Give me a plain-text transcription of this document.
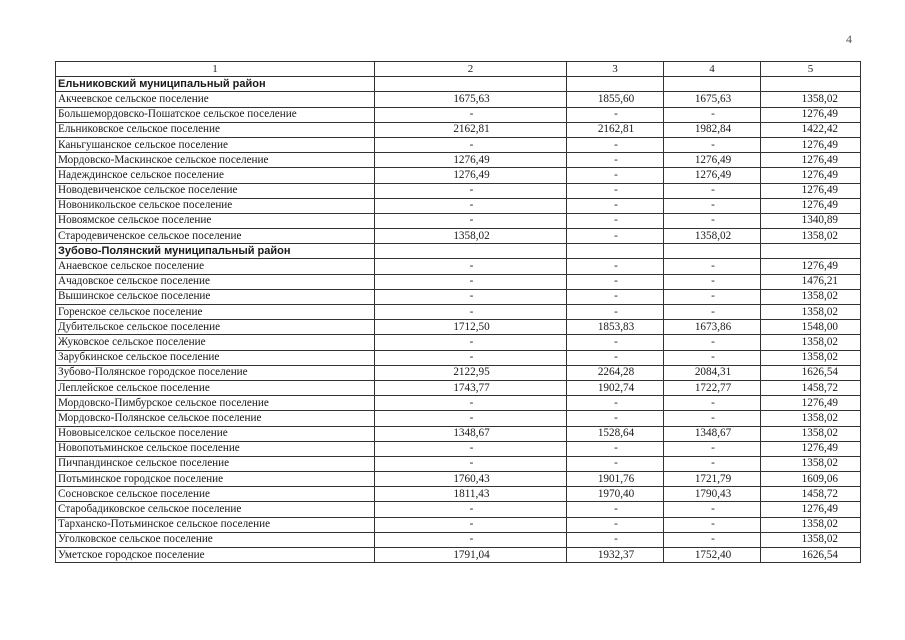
4
1	2	3	4	5
Ельниковский муниципальный район				
Акчеевское сельское поселение	1675,63	1855,60	1675,63	1358,02
Большемордовско-Пошатское сельское поселение	-	-	-	1276,49
Ельниковское сельское поселение	2162,81	2162,81	1982,84	1422,42
Каньгушанское сельское поселение	-	-	-	1276,49
Мордовско-Маскинское сельское поселение	1276,49	-	1276,49	1276,49
Надеждинское сельское поселение	1276,49	-	1276,49	1276,49
Новодевиченское сельское поселение	-	-	-	1276,49
Новоникольское сельское поселение	-	-	-	1276,49
Новоямское сельское поселение	-	-	-	1340,89
Стародевиченское сельское поселение	1358,02	-	1358,02	1358,02
Зубово-Полянский муниципальный район				
Анаевское сельское поселение	-	-	-	1276,49
Ачадовское сельское поселение	-	-	-	1476,21
Вышинское сельское поселение	-	-	-	1358,02
Горенское сельское поселение	-	-	-	1358,02
Дубительское сельское поселение	1712,50	1853,83	1673,86	1548,00
Жуковское сельское поселение	-	-	-	1358,02
Зарубкинское сельское поселение	-	-	-	1358,02
Зубово-Полянское городское поселение	2122,95	2264,28	2084,31	1626,54
Леплейское сельское поселение	1743,77	1902,74	1722,77	1458,72
Мордовско-Пимбурское сельское поселение	-	-	-	1276,49
Мордовско-Полянское сельское поселение	-	-	-	1358,02
Нововыселское сельское поселение	1348,67	1528,64	1348,67	1358,02
Новопотьминское сельское поселение	-	-	-	1276,49
Пичпандинское сельское поселение	-	-	-	1358,02
Потьминское городское поселение	1760,43	1901,76	1721,79	1609,06
Сосновское сельское поселение	1811,43	1970,40	1790,43	1458,72
Старобадиковское сельское поселение	-	-	-	1276,49
Тарханско-Потьминское сельское поселение	-	-	-	1358,02
Уголковское сельское поселение	-	-	-	1358,02
Уметское городское поселение	1791,04	1932,37	1752,40	1626,54
